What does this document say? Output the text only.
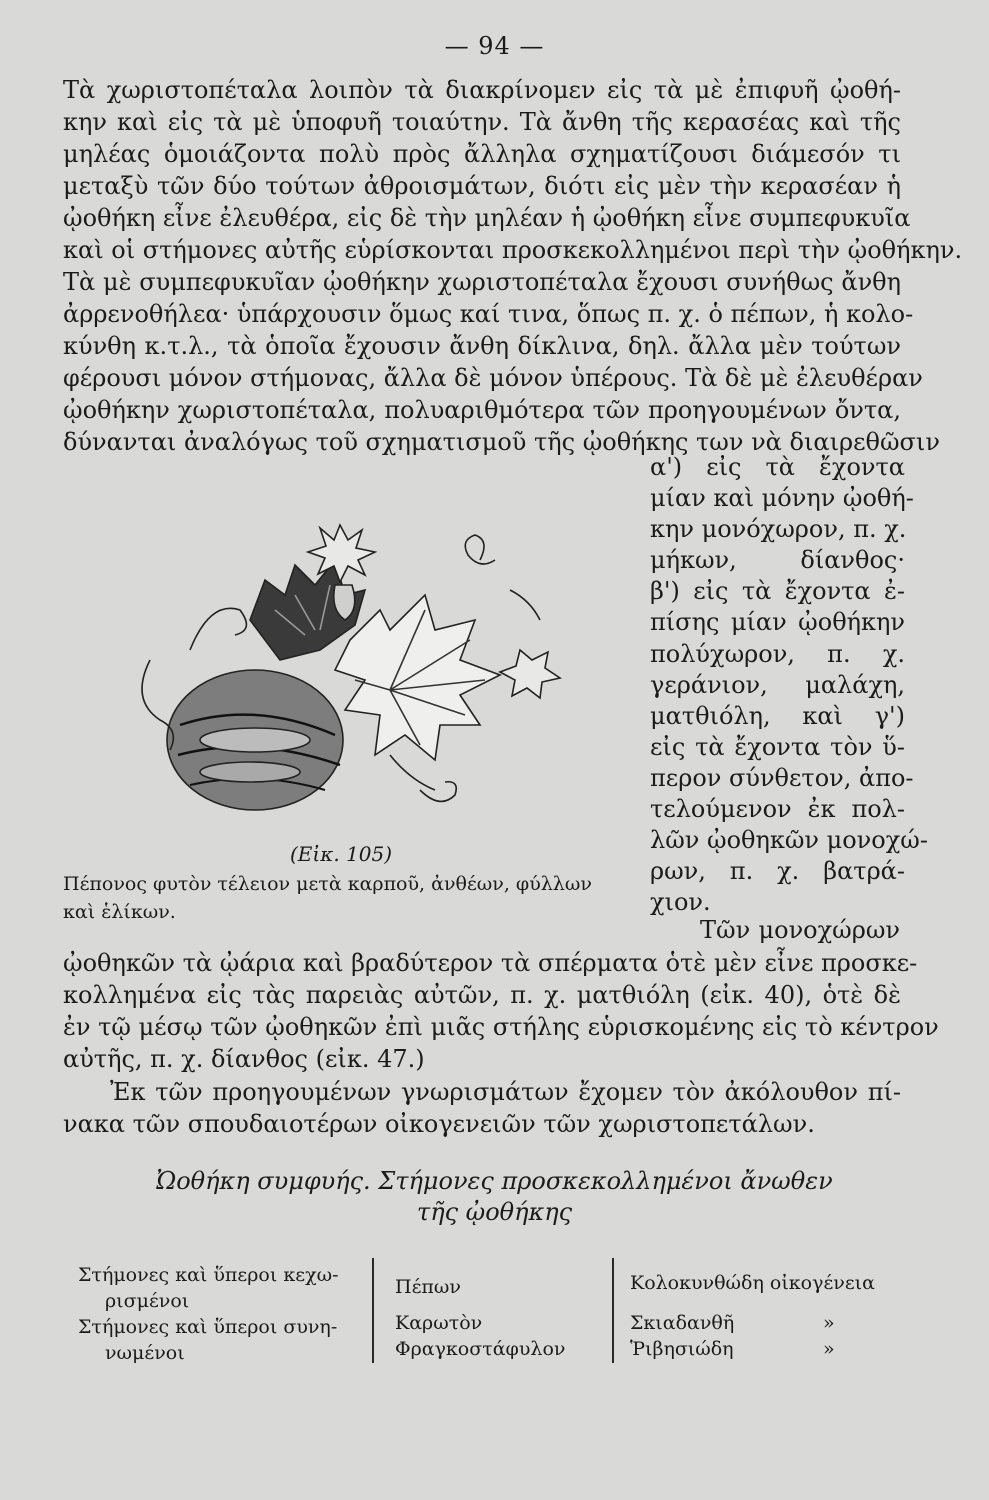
— 94 —
Τὰ χωριστοπέταλα λοιπὸν τὰ διακρίνομεν εἰς τὰ μὲ ἐπιφυῆ ᾠοθή-
κην καὶ εἰς τὰ μὲ ὑποφυῆ τοιαύτην. Τὰ ἄνθη τῆς κερασέας καὶ τῆς
μηλέας ὁμοιάζοντα πολὺ πρὸς ἄλληλα σχηματίζουσι διάμεσόν τι
μεταξὺ τῶν δύο τούτων ἀθροισμάτων, διότι εἰς μὲν τὴν κερασέαν ἡ
ᾠοθήκη εἶνε ἐλευθέρα, εἰς δὲ τὴν μηλέαν ἡ ᾠοθήκη εἶνε συμπεφυκυῖα
καὶ οἱ στήμονες αὐτῆς εὑρίσκονται προσκεκολλημένοι περὶ τὴν ᾠοθήκην.
Τὰ μὲ συμπεφυκυῖαν ᾠοθήκην χωριστοπέταλα ἔχουσι συνήθως ἄνθη
ἀρρενοθήλεα· ὑπάρχουσιν ὅμως καί τινα, ὅπως π. χ. ὁ πέπων, ἡ κολο-
κύνθη κ.τ.λ., τὰ ὁποῖα ἔχουσιν ἄνθη δίκλινα, δηλ. ἄλλα μὲν τούτων
φέρουσι μόνον στήμονας, ἄλλα δὲ μόνον ὑπέρους. Τὰ δὲ μὲ ἐλευθέραν
ᾠοθήκην χωριστοπέταλα, πολυαριθμότερα τῶν προηγουμένων ὄντα,
δύνανται ἀναλόγως τοῦ σχηματισμοῦ τῆς ᾠοθήκης των νὰ διαιρεθῶσιν
α') εἰς τὰ ἔχοντα
μίαν καὶ μόνην ᾠοθή-
κην μονόχωρον, π. χ.
μήκων, δίανθος·
β') εἰς τὰ ἔχοντα ἐ-
πίσης μίαν ᾠοθήκην
πολύχωρον, π. χ.
γεράνιον, μαλάχη,
ματθιόλη, καὶ γ')
εἰς τὰ ἔχοντα τὸν ὕ-
περον σύνθετον, ἀπο-
τελούμενον ἐκ πολ-
λῶν ᾠοθηκῶν μονοχώ-
ρων, π. χ. βατρά-
χιον.
(Εἰκ. 105)
Πέπονος φυτὸν τέλειον μετὰ καρποῦ, ἀνθέων, φύλλων
καὶ ἑλίκων.
Τῶν μονοχώρων
ᾠοθηκῶν τὰ ᾠάρια καὶ βραδύτερον τὰ σπέρματα ὁτὲ μὲν εἶνε προσκε-
κολλημένα εἰς τὰς παρειὰς αὐτῶν, π. χ. ματθιόλη (εἰκ. 40), ὁτὲ δὲ
ἐν τῷ μέσῳ τῶν ᾠοθηκῶν ἐπὶ μιᾶς στήλης εὑρισκομένης εἰς τὸ κέντρον
αὐτῆς, π. χ. δίανθος (εἰκ. 47.)
Ἐκ τῶν προηγουμένων γνωρισμάτων ἔχομεν τὸν ἀκόλουθον πί-
νακα τῶν σπουδαιοτέρων οἰκογενειῶν τῶν χωριστοπετάλων.
Ὠοθήκη συμφυής. Στήμονες προσκεκολλημένοι ἄνωθεν
τῆς ᾠοθήκης
Στήμονες καὶ ὕπεροι κεχω-
ρισμένοι
Στήμονες καὶ ὕπεροι συνη-
νωμένοι
Πέπων
Καρωτὸν
Φραγκοστάφυλον
Κολοκυνθώδη οἰκογένεια
Σκιαδανθῆ
Ῥιβησιώδη
»
»
